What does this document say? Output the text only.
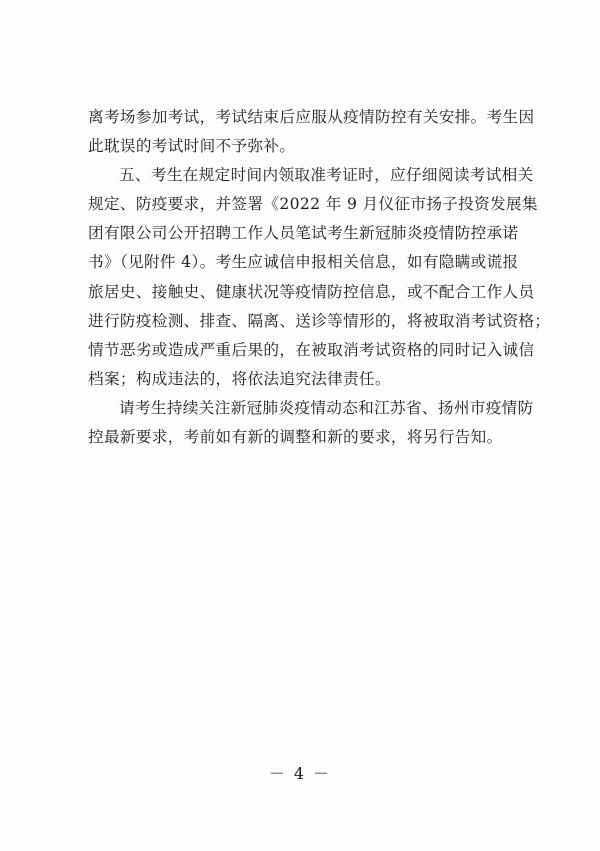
离考场参加考试，考试结束后应服从疫情防控有关安排。考生因
此耽误的考试时间不予弥补。
五、考生在规定时间内领取准考证时，应仔细阅读考试相关
规定、防疫要求，并签署《2022 年 9 月仪征市扬子投资发展集
团有限公司公开招聘工作人员笔试考生新冠肺炎疫情防控承诺
书》（见附件 4）。考生应诚信申报相关信息，如有隐瞒或谎报
旅居史、接触史、健康状况等疫情防控信息，或不配合工作人员
进行防疫检测、排查、隔离、送诊等情形的，将被取消考试资格；
情节恶劣或造成严重后果的，在被取消考试资格的同时记入诚信
档案；构成违法的，将依法追究法律责任。
请考生持续关注新冠肺炎疫情动态和江苏省、扬州市疫情防
控最新要求，考前如有新的调整和新的要求，将另行告知。
－ 4 －
